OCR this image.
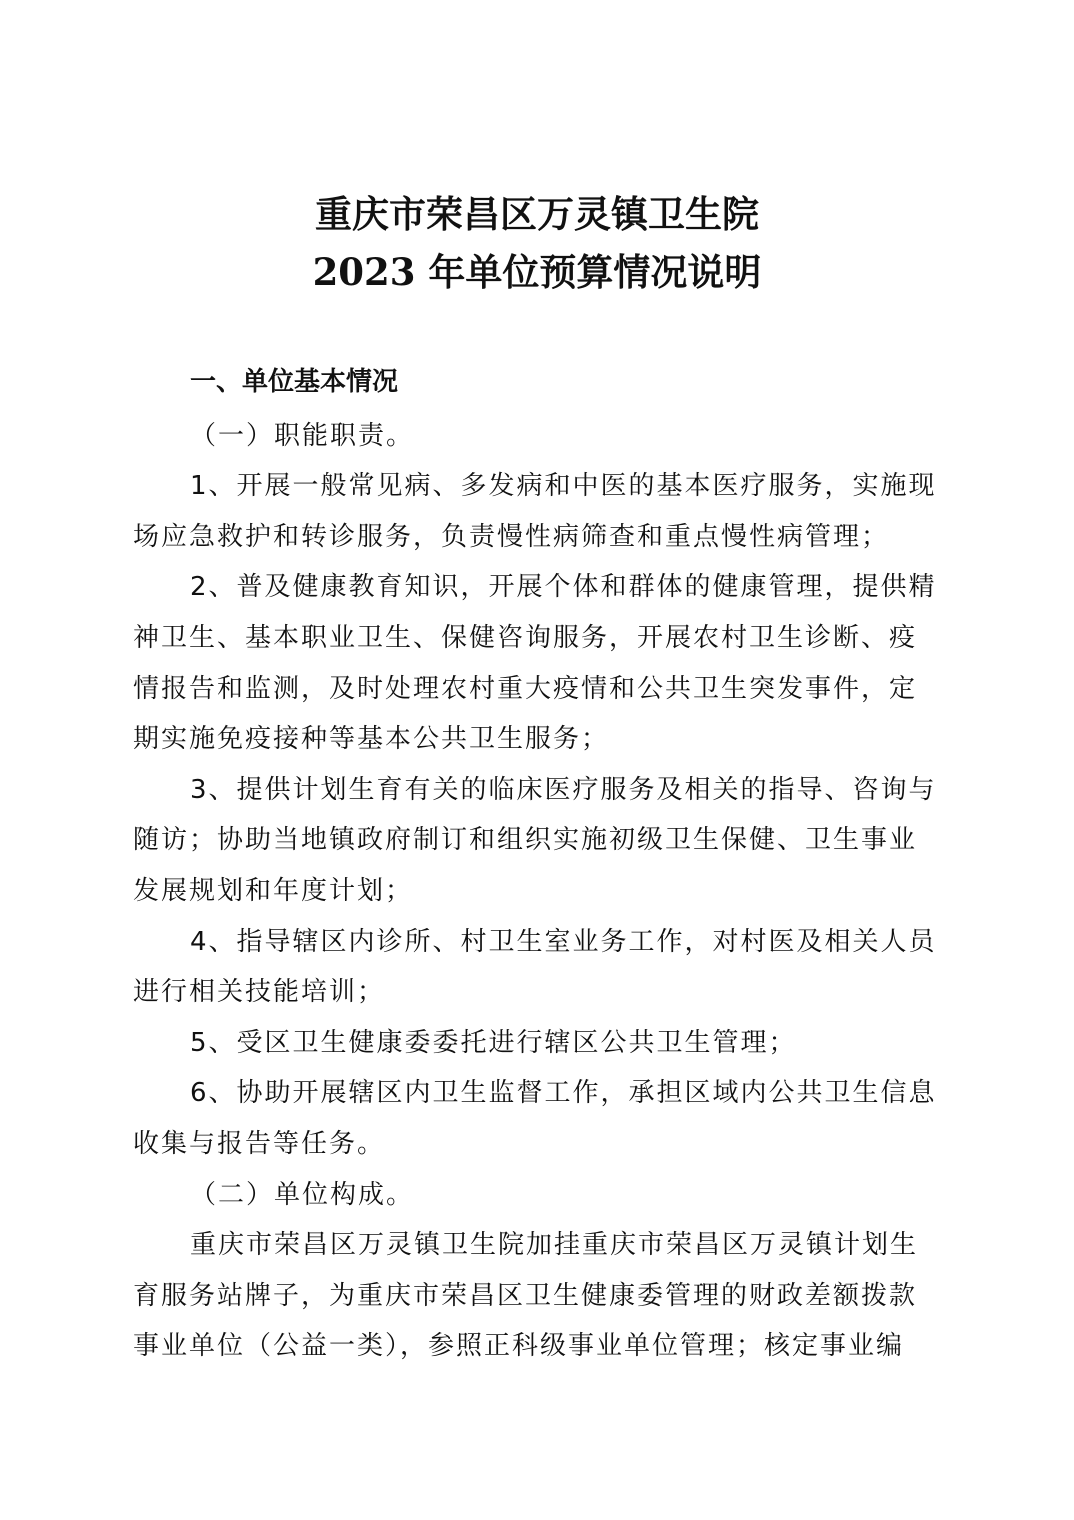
重庆市荣昌区万灵镇卫生院
2023 年单位预算情况说明
一、单位基本情况
（一）职能职责。
1、开展一般常见病、多发病和中医的基本医疗服务，实施现
场应急救护和转诊服务，负责慢性病筛查和重点慢性病管理；
2、普及健康教育知识，开展个体和群体的健康管理，提供精
神卫生、基本职业卫生、保健咨询服务，开展农村卫生诊断、疫
情报告和监测，及时处理农村重大疫情和公共卫生突发事件，定
期实施免疫接种等基本公共卫生服务；
3、提供计划生育有关的临床医疗服务及相关的指导、咨询与
随访；协助当地镇政府制订和组织实施初级卫生保健、卫生事业
发展规划和年度计划；
4、指导辖区内诊所、村卫生室业务工作，对村医及相关人员
进行相关技能培训；
5、受区卫生健康委委托进行辖区公共卫生管理；
6、协助开展辖区内卫生监督工作，承担区域内公共卫生信息
收集与报告等任务。
（二）单位构成。
重庆市荣昌区万灵镇卫生院加挂重庆市荣昌区万灵镇计划生
育服务站牌子，为重庆市荣昌区卫生健康委管理的财政差额拨款
事业单位（公益一类），参照正科级事业单位管理；核定事业编
